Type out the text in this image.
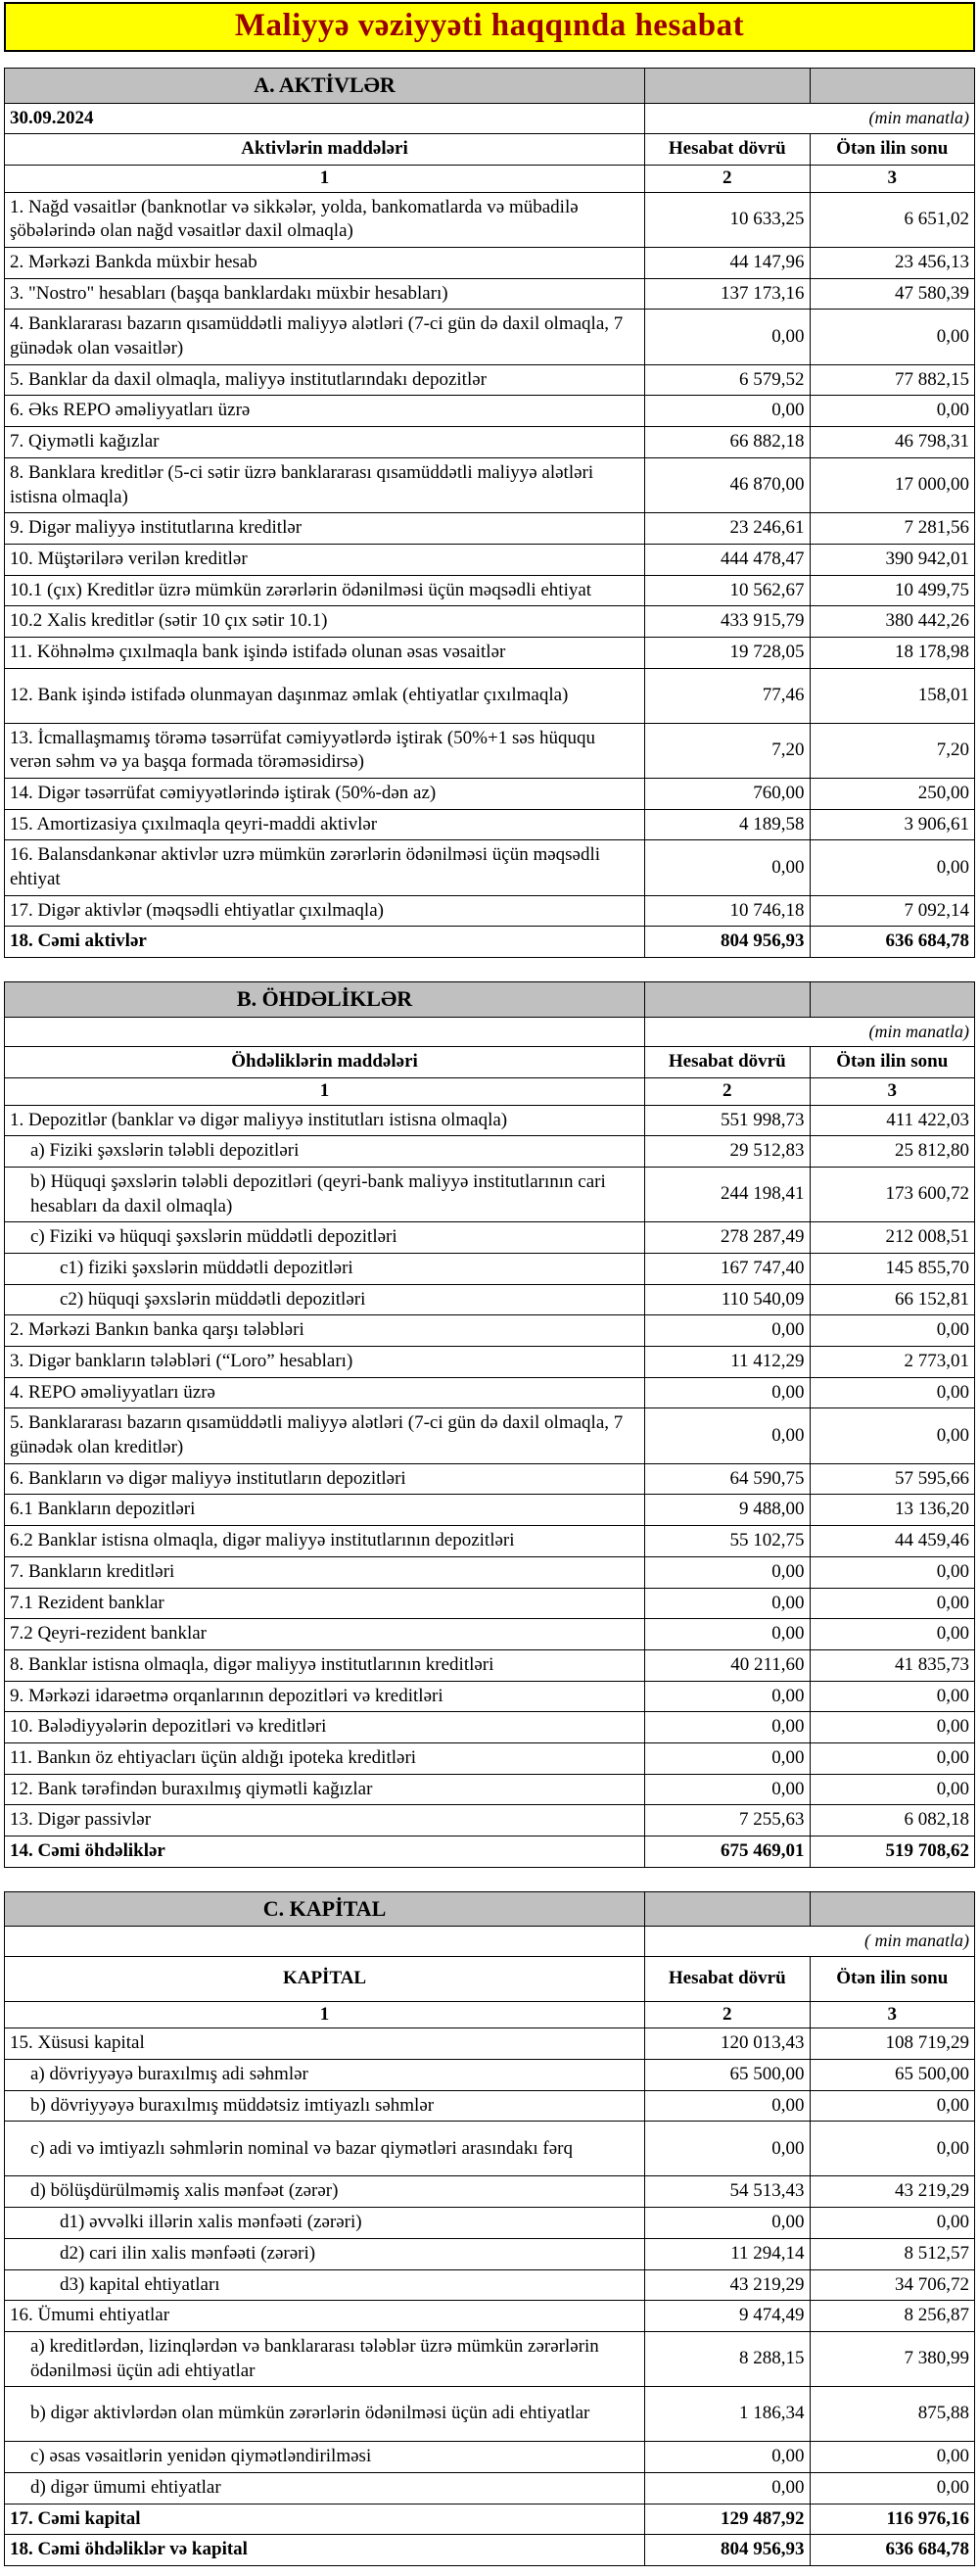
Maliyyə vəziyyəti haqqında hesabat
A. AKTİVLƏR		
30.09.2024	(min manatla)	
Aktivlərin maddələri	Hesabat dövrü	Ötən ilin sonu
1	2	3
1. Nağd vəsaitlər (banknotlar və sikkələr, yolda, bankomatlarda və mübadilə şöbələrində olan nağd vəsaitlər daxil olmaqla)	10 633,25	6 651,02
2. Mərkəzi Bankda müxbir hesab	44 147,96	23 456,13
3. "Nostro" hesabları (başqa banklardakı müxbir hesabları)	137 173,16	47 580,39
4. Banklararası bazarın qısamüddətli maliyyə alətləri (7-ci gün də daxil olmaqla, 7 günədək olan vəsaitlər)	0,00	0,00
5. Banklar da daxil olmaqla, maliyyə institutlarındakı depozitlər	6 579,52	77 882,15
6. Əks REPO əməliyyatları üzrə	0,00	0,00
7. Qiymətli kağızlar	66 882,18	46 798,31
8. Banklara kreditlər (5-ci sətir üzrə banklararası qısamüddətli maliyyə alətləri istisna olmaqla)	46 870,00	17 000,00
9. Digər maliyyə institutlarına kreditlər	23 246,61	7 281,56
10. Müştərilərə verilən kreditlər	444 478,47	390 942,01
10.1 (çıx) Kreditlər üzrə mümkün zərərlərin ödənilməsi üçün məqsədli ehtiyat	10 562,67	10 499,75
10.2 Xalis kreditlər (sətir 10 çıx sətir 10.1)	433 915,79	380 442,26
11. Köhnəlmə çıxılmaqla bank işində istifadə olunan əsas vəsaitlər	19 728,05	18 178,98
12. Bank işində istifadə olunmayan daşınmaz əmlak (ehtiyatlar çıxılmaqla)	77,46	158,01
13. İcmallaşmamış törəmə təsərrüfat cəmiyyətlərdə iştirak (50%+1 səs hüququ verən səhm və ya başqa formada törəməsidirsə)	7,20	7,20
14. Digər təsərrüfat cəmiyyətlərində iştirak (50%-dən az)	760,00	250,00
15. Amortizasiya çıxılmaqla qeyri-maddi aktivlər	4 189,58	3 906,61
16. Balansdankənar aktivlər uzrə mümkün zərərlərin ödənilməsi üçün məqsədli ehtiyat	0,00	0,00
17. Digər aktivlər (məqsədli ehtiyatlar çıxılmaqla)	10 746,18	7 092,14
18. Cəmi aktivlər	804 956,93	636 684,78
B. ÖHDƏLİKLƏR		
	(min manatla)	
Öhdəliklərin maddələri	Hesabat dövrü	Ötən ilin sonu
1	2	3
1. Depozitlər (banklar və digər maliyyə institutları istisna olmaqla)	551 998,73	411 422,03
a) Fiziki şəxslərin tələbli depozitləri	29 512,83	25 812,80
b) Hüquqi şəxslərin tələbli depozitləri (qeyri-bank maliyyə institutlarının cari hesabları da daxil olmaqla)	244 198,41	173 600,72
c) Fiziki və hüquqi şəxslərin müddətli depozitləri	278 287,49	212 008,51
c1) fiziki şəxslərin müddətli depozitləri	167 747,40	145 855,70
c2) hüquqi şəxslərin müddətli depozitləri	110 540,09	66 152,81
2. Mərkəzi Bankın banka qarşı tələbləri	0,00	0,00
3. Digər bankların tələbləri (“Loro” hesabları)	11 412,29	2 773,01
4. REPO əməliyyatları üzrə	0,00	0,00
5. Banklararası bazarın qısamüddətli maliyyə alətləri (7-ci gün də daxil olmaqla, 7 günədək olan kreditlər)	0,00	0,00
6. Bankların və digər maliyyə institutların depozitləri	64 590,75	57 595,66
6.1 Bankların depozitləri	9 488,00	13 136,20
6.2 Banklar istisna olmaqla, digər maliyyə institutlarının depozitləri	55 102,75	44 459,46
7. Bankların kreditləri	0,00	0,00
7.1 Rezident banklar	0,00	0,00
7.2 Qeyri-rezident banklar	0,00	0,00
8. Banklar istisna olmaqla, digər maliyyə institutlarının kreditləri	40 211,60	41 835,73
9. Mərkəzi idarəetmə orqanlarının depozitləri və kreditləri	0,00	0,00
10. Bələdiyyələrin depozitləri və kreditləri	0,00	0,00
11. Bankın öz ehtiyacları üçün aldığı ipoteka kreditləri	0,00	0,00
12. Bank tərəfindən buraxılmış qiymətli kağızlar	0,00	0,00
13. Digər passivlər	7 255,63	6 082,18
14. Cəmi öhdəliklər	675 469,01	519 708,62
C. KAPİTAL		
	( min manatla)	
KAPİTAL	Hesabat dövrü	Ötən ilin sonu
1	2	3
15. Xüsusi kapital	120 013,43	108 719,29
a) dövriyyəyə buraxılmış adi səhmlər	65 500,00	65 500,00
b) dövriyyəyə buraxılmış müddətsiz imtiyazlı səhmlər	0,00	0,00
c) adi və imtiyazlı səhmlərin nominal və bazar qiymətləri arasındakı fərq	0,00	0,00
d) bölüşdürülməmiş xalis mənfəət (zərər)	54 513,43	43 219,29
d1) əvvəlki illərin xalis mənfəəti (zərəri)	0,00	0,00
d2) cari ilin xalis mənfəəti (zərəri)	11 294,14	8 512,57
d3) kapital ehtiyatları	43 219,29	34 706,72
16. Ümumi ehtiyatlar	9 474,49	8 256,87
a) kreditlərdən, lizinqlərdən və banklararası tələblər üzrə mümkün zərərlərin ödənilməsi üçün adi ehtiyatlar	8 288,15	7 380,99
b) digər aktivlərdən olan mümkün zərərlərin ödənilməsi üçün adi ehtiyatlar	1 186,34	875,88
c) əsas vəsaitlərin yenidən qiymətləndirilməsi	0,00	0,00
d) digər ümumi ehtiyatlar	0,00	0,00
17. Cəmi kapital	129 487,92	116 976,16
18. Cəmi öhdəliklər və kapital	804 956,93	636 684,78
